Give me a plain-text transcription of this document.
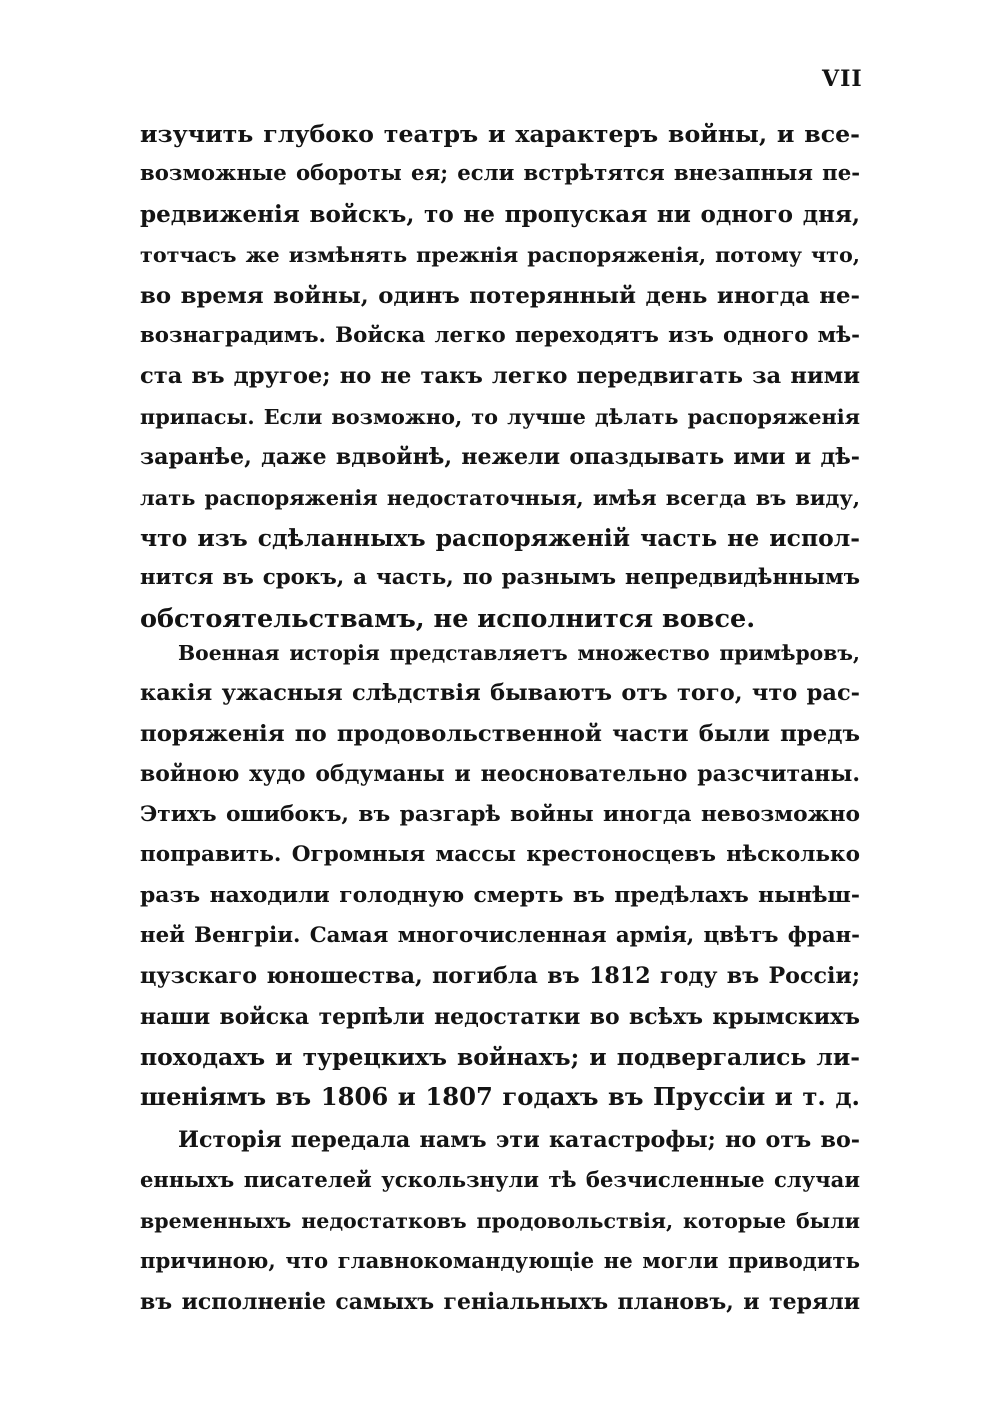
VII
изучить глубоко театръ и характеръ войны, и все-
возможные обороты ея; если встрѣтятся внезапныя пе-
редвиженія войскъ, то не пропуская ни одного дня,
тотчасъ же измѣнять прежнія распоряженія, потому что,
во время войны, одинъ потерянный день иногда не-
вознаградимъ. Войска легко переходятъ изъ одного мѣ-
ста въ другое; но не такъ легко передвигать за ними
припасы. Если возможно, то лучше дѣлать распоряженія
заранѣе, даже вдвойнѣ, нежели опаздывать ими и дѣ-
лать распоряженія недостаточныя, имѣя всегда въ виду,
что изъ сдѣланныхъ распоряженій часть не испол-
нится въ срокъ, а часть, по разнымъ непредвидѣннымъ
обстоятельствамъ, не исполнится вовсе.
Военная исторія представляетъ множество примѣровъ,
какія ужасныя слѣдствія бываютъ отъ того, что рас-
поряженія по продовольственной части были предъ
войною худо обдуманы и неосновательно разсчитаны.
Этихъ ошибокъ, въ разгарѣ войны иногда невозможно
поправить. Огромныя массы крестоносцевъ нѣсколько
разъ находили голодную смерть въ предѣлахъ нынѣш-
ней Венгріи. Самая многочисленная армія, цвѣтъ фран-
цузскаго юношества, погибла въ 1812 году въ Россіи;
наши войска терпѣли недостатки во всѣхъ крымскихъ
походахъ и турецкихъ войнахъ; и подвергались ли-
шеніямъ въ 1806 и 1807 годахъ въ Пруссіи и т. д.
Исторія передала намъ эти катастрофы; но отъ во-
енныхъ писателей ускользнули тѣ безчисленные случаи
временныхъ недостатковъ продовольствія, которые были
причиною, что главнокомандующіе не могли приводить
въ исполненіе самыхъ геніальныхъ плановъ, и теряли
